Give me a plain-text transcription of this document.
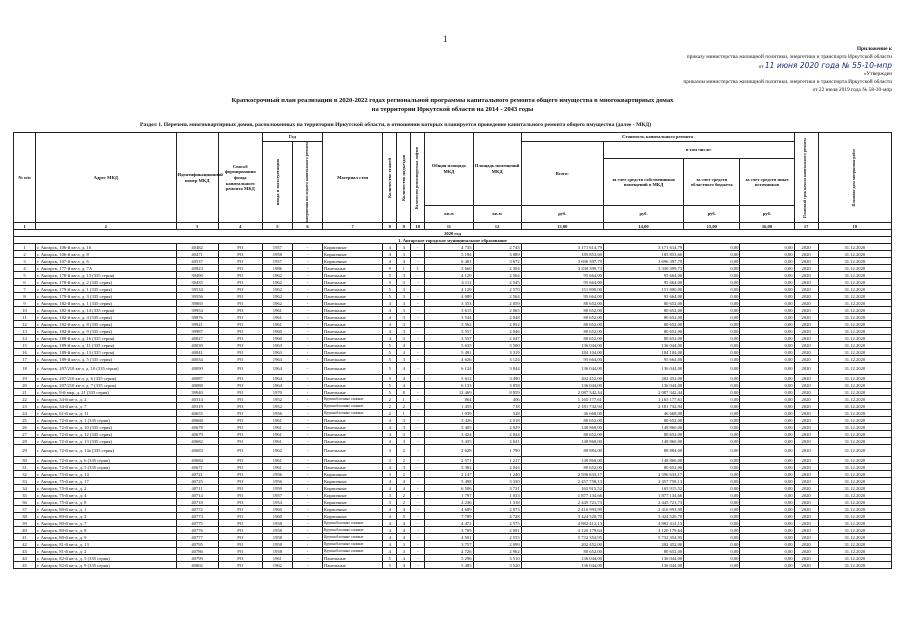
1
Приложение к
приказу министерства жилищной политики, энергетики и транспорта Иркутской области
от 11 июня 2020 года № 55-10-мпр
«Утвержден
приказом министерства жилищной политики, энергетики и транспорта Иркутской области
от 22 июля 2019 года № 58-30-мпр
Краткосрочный план реализации в 2020-2022 годах региональной программы капитального ремонта общего имущества в многоквартирных домах
на территории Иркутской области на 2014 - 2043 годы
Раздел 1. Перечень многоквартирных домов, расположенных на территории Иркутской области, в отношении которых планируется проведение капитального ремонта общего имущества (далее - МКД)
№ п/п	Адрес МКД	Идентификационный номер МКД	Способ формирования фонда капитального ремонта МКД	Год		Материал стен	Количество этажей	Количество подъездов	Количество ремонтируемых лифтов	Общая площадь МКД	Площадь помещений МКД	Стоимость капитального ремонта				Плановый срок начала капитального ремонта	Плановая дата завершения работ

				ввода в эксплуатацию	завершения последнего капитального ремонта							Всего:	в том числе:				
													за счет средств собственников помещений в МКД	за счет средств областного бюджета	за счет средств иных источников		
										кв.м	кв.м	руб.	руб.	руб.	руб.		
1	2	3	4	5	6	7	8	9	10	11	12	13,00	14,00	15,00	16,00	17	18
2020 год																	
1. Ангарское городское муниципальное образование																	
1	г. Ангарск, 106-й кв-л, д. 10	40482	РО	1957	-	Кирпичные	4	3	-	4 735	2 743	3 171 614,79	3 171 614,79	0,00	0,00	2020	31.12.2020
2	г. Ангарск, 106-й кв-л, д. 8	40471	РО	1958	-	Кирпичные	4	3	-	5 184	3 089	185 853,60	185 853,60	0,00	0,00	2020	31.12.2020
3	г. Ангарск, 107-й кв-л, д. 6	40537	РО	1957	-	Кирпичные	4	4	-	6 481	3 672	3 696 397,79	3 696 397,79	0,00	0,00	2020	31.12.2020
4	г. Ангарск, 177-й кв-л, д. 7А	40823	РО	1986	-	Панельные	9	1	1	3 660	2 304	3 330 399,73	3 330 399,73	0,00	0,00	2020	31.12.2020
5	г. Ангарск, 178-й кв-л, д. 13 (335 серия)	39490	РО	1962	-	Панельные	5	3	-	4 129	2 564	95 664,00	95 664,00	0,00	0,00	2020	31.12.2020
6	г. Ангарск, 178-й кв-л, д. 2 (335 серия)	39435	РО	1962	-	Панельные	5	3	-	4 112	2 545	95 664,00	95 664,00	0,00	0,00	2020	31.12.2020
7	г. Ангарск, 179-й кв-л, д. 1 (335 серия)	39534	РО	1962	-	Панельные	5	3	-	4 129	2 570	151 800,00	151 800,00	0,00	0,00	2020	31.12.2020
8	г. Ангарск, 179-й кв-л, д. 3 (335 серия)	39556	РО	1962	-	Панельные	5	3	-	4 089	2 564	95 664,00	95 664,00	0,00	0,00	2020	31.12.2020
9	г. Ангарск, 182-й кв-л, д. 1 (335 серия)	39865	РО	1962	-	Панельные	4	3	-	3 353	2 059	80 652,00	80 652,00	0,00	0,00	2020	31.12.2020
10	г. Ангарск, 182-й кв-л, д. 14 (335 серия)	39954	РО	1961	-	Панельные	4	3	-	3 615	2 065	80 652,00	80 652,00	0,00	0,00	2020	31.12.2020
11	г. Ангарск, 182-й кв-л, д. 4 (335 серия)	39876	РО	1961	-	Панельные	4	3	-	3 544	2 048	80 652,00	80 652,00	0,00	0,00	2020	31.12.2020
12	г. Ангарск, 182-й кв-л, д. 8 (335 серия)	39921	РО	1961	-	Панельные	4	3	-	3 562	2 052	80 652,00	80 652,00	0,00	0,00	2020	31.12.2020
13	г. Ангарск, 182-й кв-л, д. 9 (335 серия)	39987	РО	1960	-	Панельные	4	3	-	3 557	2 046	80 652,00	80 652,00	0,00	0,00	2020	31.12.2020
14	г. Ангарск, 188-й кв-л, д. 16 (335 серия)	40027	РО	1960	-	Панельные	4	3	-	3 557	2 047	80 652,00	80 652,00	0,00	0,00	2020	31.12.2020
15	г. Ангарск, 189-й кв-л, д. 11 (335 серия)	40039	РО	1963	-	Панельные	5	4	-	5 635	3 500	136 044,00	136 044,00	0,00	0,00	2020	31.12.2020
16	г. Ангарск, 189-й кв-л, д. 13 (335 серия)	40041	РО	1963	-	Панельные	5	4	-	5 491	3 319	184 104,00	184 104,00	0,00	0,00	2020	31.12.2020
17	г. Ангарск, 189-й кв-л, д. 5 (335 серия)	40034	РО	1964	-	Панельные	5	3	-	4 626	3 124	95 664,00	95 664,00	0,00	0,00	2020	31.12.2020
18	г. Ангарск, 207/210 кв-л, д. 10 (335 серия)	40090	РО	1964	-	Панельные	5	4	-	6 124	3 844	136 044,00	136 044,00	0,00	0,00	2020	31.12.2020
19	г. Ангарск, 207/210 кв-л, д. 6 (335 серия)	40087	РО	1964	-	Панельные	5	4	-	5 612	3 490	202 452,00	202 452,00	0,00	0,00	2020	31.12.2020
20	г. Ангарск, 207/210 кв-л, д. 7 (335 серия)	40088	РО	1964	-	Панельные	5	4	-	6 133	3 858	136 044,00	136 044,00	0,00	0,00	2020	31.12.2020
21	г. Ангарск, 9-й мкр, д. 21 (335 серия)	39940	РО	1970	-	Панельные	5	8	-	12 469	8 059	2 087 342,44	2 087 342,44	0,00	0,00	2020	31.12.2020
22	г. Ангарск, 34-й кв-л, д. 2	40314	РО	1952	-	Крупноблочные силикат	2	1	-	864	406	1 165 177,61	1 165 177,61	0,00	0,00	2020	31.12.2020
23	г. Ангарск, 34-й кв-л, д. 7	40319	РО	1952	-	Крупноблочные силикат	2	2	-	1 455	718	2 181 732,94	2 181 732,94	0,00	0,00	2020	31.12.2020
24	г. Ангарск, 61-й кв-л, д. 11	40655	РО	1956	-	Крупноблочные силикат	2	1	-	1 039	528	46 668,00	46 668,00	0,00	0,00	2020	31.12.2020
25	г. Ангарск, 72-й кв-л, д. 1 (335 серия)	40668	РО	1961	-	Панельные	4	3	-	3 426	2 018	80 652,00	80 652,00	0,00	0,00	2020	31.12.2020
26	г. Ангарск, 72-й кв-л, д. 10 (335 серия)	40678	РО	1961	-	Панельные	4	3	-	3 405	2 029	148 860,00	148 860,00	0,00	0,00	2020	31.12.2020
27	г. Ангарск, 72-й кв-л, д. 12 (335 серия)	40679	РО	1961	-	Панельные	4	3	-	3 424	2 044	80 652,00	80 652,00	0,00	0,00	2020	31.12.2020
28	г. Ангарск, 72-й кв-л, д. 13 (335 серия)	40682	РО	1961	-	Панельные	4	3	-	3 435	2 041	148 860,00	148 860,00	0,00	0,00	2020	31.12.2020
29	г. Ангарск, 72-й кв-л, д. 14а (335 серия)	40683	РО	1962	-	Панельные	3	2	-	2 628	1 790	88 884,00	88 884,00	0,00	0,00	2020	31.12.2020
30	г. Ангарск, 72-й кв-л, д. 6 (335 серия)	40684	РО	1961	-	Панельные	3	2	-	2 571	1 217	148 860,00	148 860,00	0,00	0,00	2020	31.12.2020
31	г. Ангарск, 72-й кв-л, д. 5 (335 серия)	40671	РО	1961	-	Панельные	4	3	-	3 382	2 044	80 652,00	80 652,00	0,00	0,00	2020	31.12.2020
32	г. Ангарск, 75-й кв-л, д. 14	40721	РО	1956	-	Кирпичные	3	2	-	2 147	1 240	2 596 633,17	2 596 633,17	0,00	0,00	2020	31.12.2020
33	г. Ангарск, 75-й кв-л, д. 17	40725	РО	1956	-	Кирпичные	4	4	-	5 498	3 330	2 457 758,13	2 457 758,13	0,00	0,00	2020	31.12.2020
34	г. Ангарск, 75-й кв-л, д. 2	40711	РО	1959	-	Кирпичные	4	4	-	6 506	3 731	165 915,52	165 915,52	0,00	0,00	2020	31.12.2020
35	г. Ангарск, 75-й кв-л, д. 4	40714	РО	1957	-	Кирпичные	3	2	-	1 797	1 033	1 877 134,66	1 877 134,66	0,00	0,00	2020	31.12.2020
36	г. Ангарск, 75-й кв-л, д. 8	40718	РО	1954	-	Кирпичные	3	2	-	2 236	1 318	2 445 721,73	2 445 721,73	0,00	0,00	2020	31.12.2020
37	г. Ангарск, 80-й кв-л, д. 1	40772	РО	1960	-	Кирпичные	4	4	-	4 689	2 973	2 416 993,99	2 416 993,99	0,00	0,00	2020	31.12.2020
38	г. Ангарск, 80-й кв-л, д. 2	40773	РО	1960	-	Кирпичные	4	5	-	7 789	4 728	3 424 520,70	3 424 520,70	0,00	0,00	2020	31.12.2020
39	г. Ангарск, 80-й кв-л, д. 7	40775	РО	1958	-	Крупноблочные силикат	4	4	-	4 472	2 575	4 882 412,13	4 882 412,13	0,00	0,00	2020	31.12.2020
40	г. Ангарск, 80-й кв-л, д. 8	40776	РО	1958	-	Крупноблочные силикат	4	4	-	3 709	2 091	4 120 179,64	4 120 179,64	0,00	0,00	2020	31.12.2020
41	г. Ангарск, 80-й кв-л, д. 9	40777	РО	1958	-	Крупноблочные силикат	4	4	-	4 501	2 555	5 732 354,95	5 732 354,95	0,00	0,00	2020	31.12.2020
42	г. Ангарск, 81-й кв-л, д. 13	40795	РО	1958	-	Крупноблочные силикат	4	3	-	3 757	2 099	202 452,00	202 452,00	0,00	0,00	2020	31.12.2020
43	г. Ангарск, 81-й кв-л, д. 2	40786	РО	1958	-	Крупноблочные силикат	4	3	-	4 726	2 962	80 652,00	80 652,00	0,00	0,00	2020	31.12.2020
44	г. Ангарск, 82-й кв-л, д. 5 (335 серия)	40799	РО	1961	-	Панельные	5	4	-	5 296	3 510	136 044,00	136 044,00	0,00	0,00	2020	31.12.2020
45	г. Ангарск, 82-й кв-л, д. 9 (335 серия)	40802	РО	1962	-	Панельные	5	4	-	5 485	3 520	136 044,00	136 044,00	0,00	0,00	2020	31.12.2020
